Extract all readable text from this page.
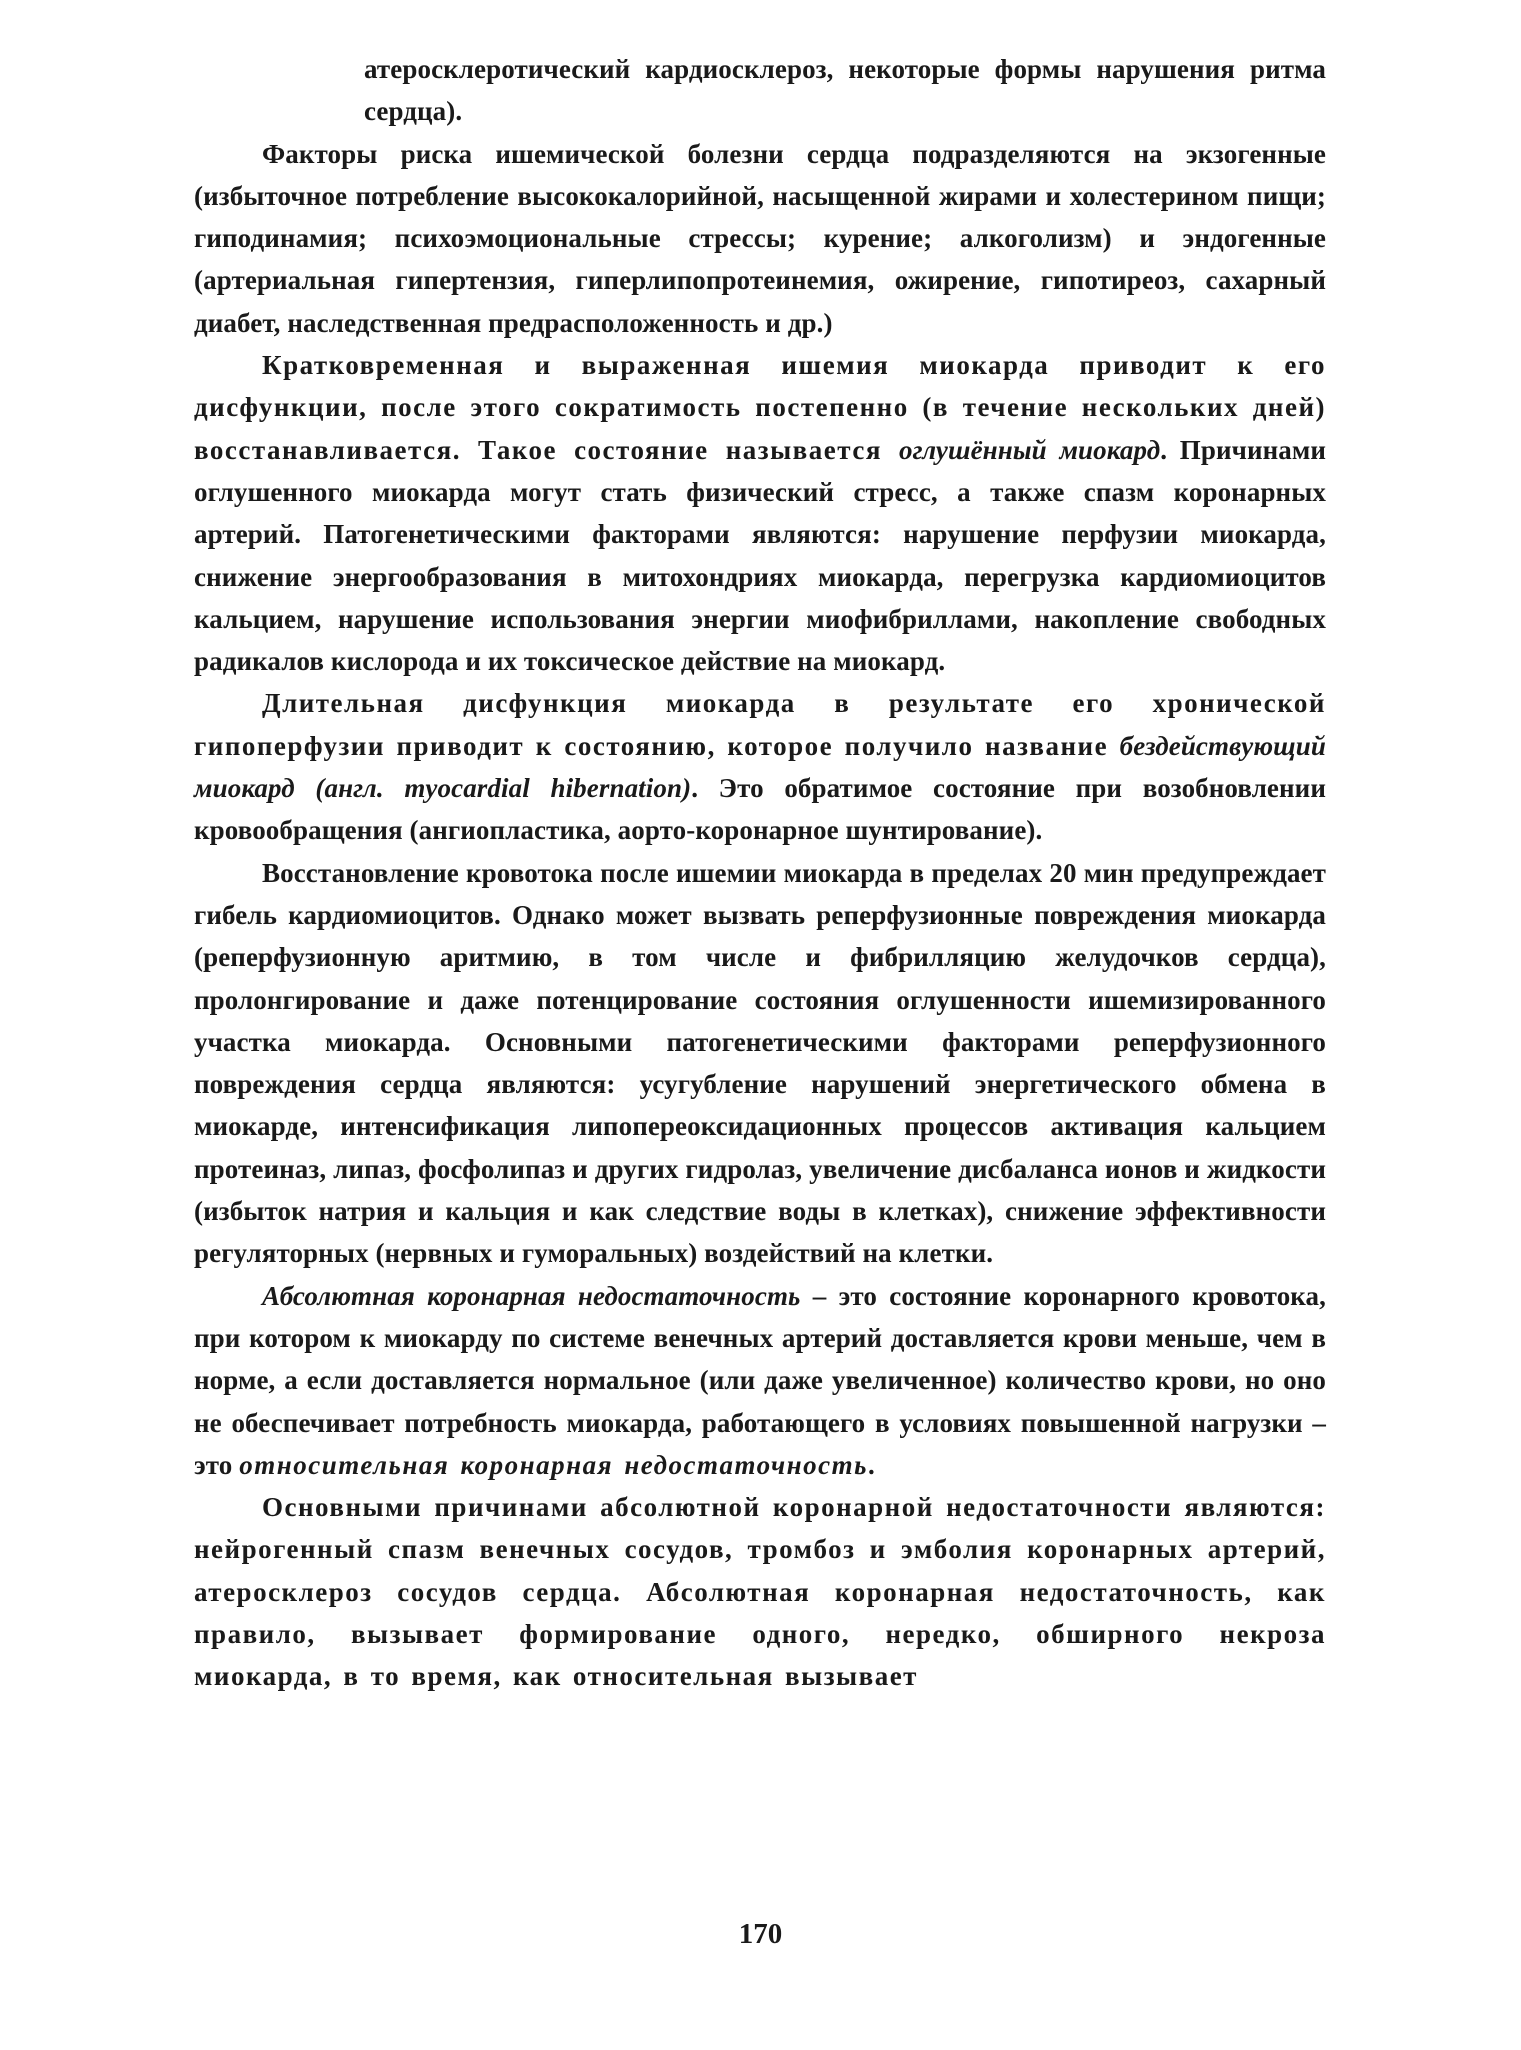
атеросклеротический кардиосклероз, некоторые формы нарушения ритма сердца).

Факторы риска ишемической болезни сердца подразделяются на экзогенные (избыточное потребление высококалорийной, насыщенной жирами и холестерином пищи; гиподинамия; психоэмоциональные стрессы; курение; алкоголизм) и эндогенные (артериальная гипертензия, гиперлипопротеинемия, ожирение, гипотиреоз, сахарный диабет, наследственная предрасположенность и др.)

Кратковременная и выраженная ишемия миокарда приводит к его дисфункции, после этого сократимость постепенно (в течение нескольких дней) восстанавливается. Такое состояние называется оглушённый миокард. Причинами оглушенного миокарда могут стать физический стресс, а также спазм коронарных артерий. Патогенетическими факторами являются: нарушение перфузии миокарда, снижение энергообразования в митохондриях миокарда, перегрузка кардиомиоцитов кальцием, нарушение использования энергии миофибриллами, накопление свободных радикалов кислорода и их токсическое действие на миокард.

Длительная дисфункция миокарда в результате его хронической гипоперфузии приводит к состоянию, которое получило название бездействующий миокард (англ. myocardial hibernation). Это обратимое состояние при возобновлении кровообращения (ангиопластика, аорто-коронарное шунтирование).

Восстановление кровотока после ишемии миокарда в пределах 20 мин предупреждает гибель кардиомиоцитов. Однако может вызвать реперфузионные повреждения миокарда (реперфузионную аритмию, в том числе и фибрилляцию желудочков сердца), пролонгирование и даже потенцирование состояния оглушенности ишемизированного участка миокарда. Основными патогенетическими факторами реперфузионного повреждения сердца являются: усугубление нарушений энергетического обмена в миокарде, интенсификация липопереоксидационных процессов активация кальцием протеиназ, липаз, фосфолипаз и других гидролаз, увеличение дисбаланса ионов и жидкости (избыток натрия и кальция и как следствие воды в клетках), снижение эффективности регуляторных (нервных и гуморальных) воздействий на клетки.

Абсолютная коронарная недостаточность – это состояние коронарного кровотока, при котором к миокарду по системе венечных артерий доставляется крови меньше, чем в норме, а если доставляется нормальное (или даже увеличенное) количество крови, но оно не обеспечивает потребность миокарда, работающего в условиях повышенной нагрузки – это относительная коронарная недостаточность.

Основными причинами абсолютной коронарной недостаточности являются: нейрогенный спазм венечных сосудов, тромбоз и эмболия коронарных артерий, атеросклероз сосудов сердца. Абсолютная коронарная недостаточность, как правило, вызывает формирование одного, нередко, обширного некроза миокарда, в то время, как относительная вызывает

170
